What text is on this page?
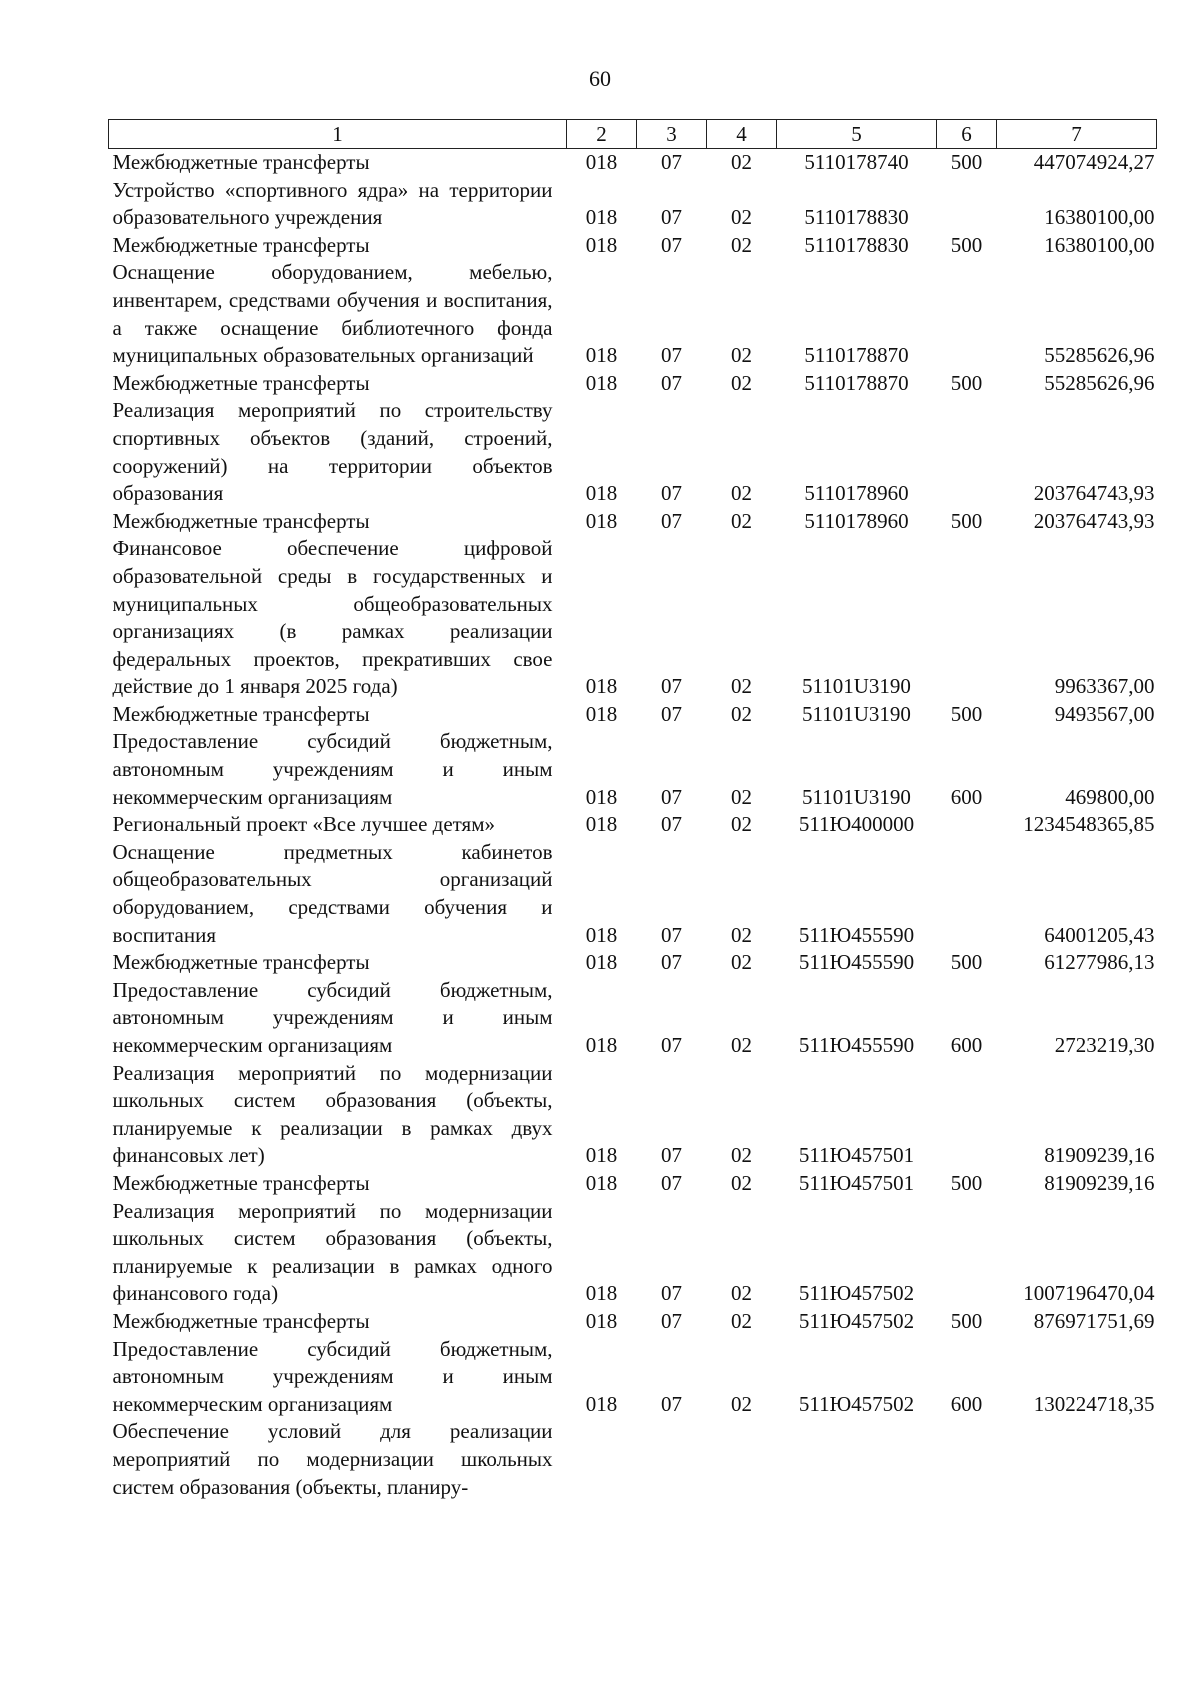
60
1	2	3	4	5	6	7
Межбюджетные трансферты	018	07	02	5110178740	500	447074924,27
Устройство «спортивного ядра» на территории образовательного учреждения	018	07	02	5110178830		16380100,00
Межбюджетные трансферты	018	07	02	5110178830	500	16380100,00
Оснащение оборудованием, мебелью, инвентарем, средствами обучения и воспитания, а также оснащение библиотечного фонда муниципальных образовательных организаций	018	07	02	5110178870		55285626,96
Межбюджетные трансферты	018	07	02	5110178870	500	55285626,96
Реализация мероприятий по строительству спортивных объектов (зданий, строений, сооружений) на территории объектов образования	018	07	02	5110178960		203764743,93
Межбюджетные трансферты	018	07	02	5110178960	500	203764743,93
Финансовое обеспечение цифровой образовательной среды в государственных и муниципальных общеобразовательных организациях (в рамках реализации федеральных проектов, прекративших свое действие до 1 января 2025 года)	018	07	02	51101U3190		9963367,00
Межбюджетные трансферты	018	07	02	51101U3190	500	9493567,00
Предоставление субсидий бюджетным, автономным учреждениям и иным некоммерческим организациям	018	07	02	51101U3190	600	469800,00
Региональный проект «Все лучшее детям»	018	07	02	511Ю400000		1234548365,85
Оснащение предметных кабинетов общеобразовательных организаций оборудованием, средствами обучения и воспитания	018	07	02	511Ю455590		64001205,43
Межбюджетные трансферты	018	07	02	511Ю455590	500	61277986,13
Предоставление субсидий бюджетным, автономным учреждениям и иным некоммерческим организациям	018	07	02	511Ю455590	600	2723219,30
Реализация мероприятий по модернизации школьных систем образования (объекты, планируемые к реализации в рамках двух финансовых лет)	018	07	02	511Ю457501		81909239,16
Межбюджетные трансферты	018	07	02	511Ю457501	500	81909239,16
Реализация мероприятий по модернизации школьных систем образования (объекты, планируемые к реализации в рамках одного финансового года)	018	07	02	511Ю457502		1007196470,04
Межбюджетные трансферты	018	07	02	511Ю457502	500	876971751,69
Предоставление субсидий бюджетным, автономным учреждениям и иным некоммерческим организациям	018	07	02	511Ю457502	600	130224718,35
Обеспечение условий для реализации мероприятий по модернизации школьных систем образования (объекты, планиру-						
